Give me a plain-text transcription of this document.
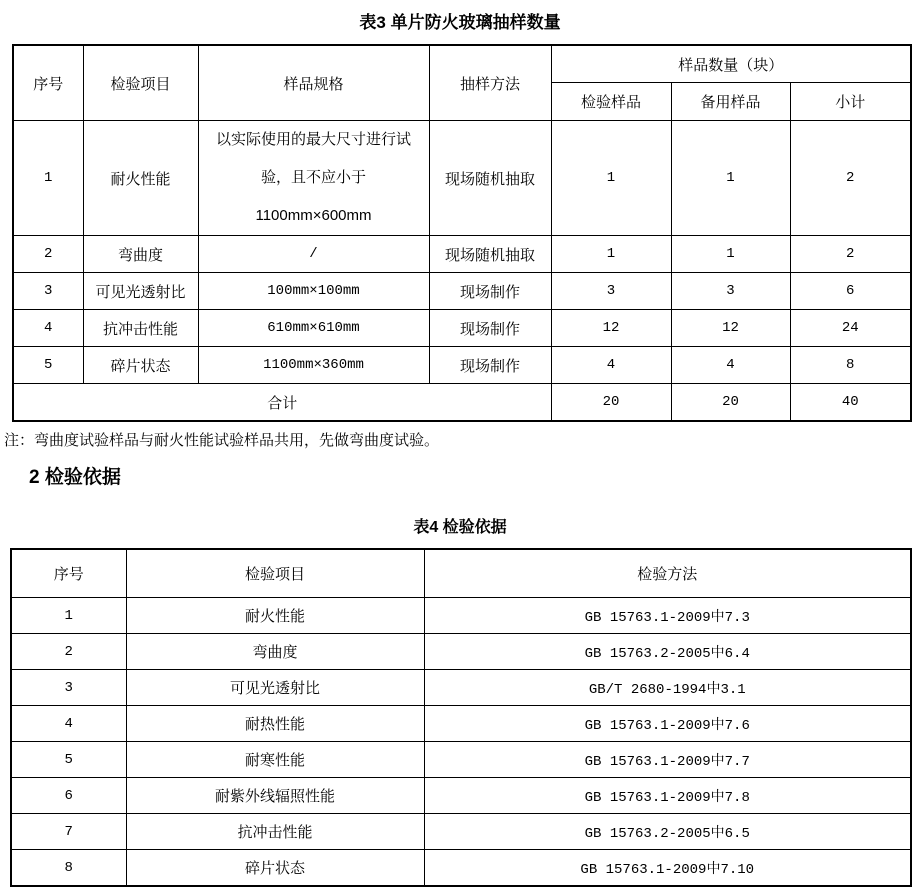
表3 单片防火玻璃抽样数量
序号	检验项目	样品规格	抽样方法	样品数量（块）		
				检验样品	备用样品	小计
1	耐火性能	以实际使用的最大尺寸进行试验，且不应小于1100mm×600mm	现场随机抽取	1	1	2
2	弯曲度	/	现场随机抽取	1	1	2
3	可见光透射比	100mm×100mm	现场制作	3	3	6
4	抗冲击性能	610mm×610mm	现场制作	12	12	24
5	碎片状态	1100mm×360mm	现场制作	4	4	8
合计				20	20	40

注：弯曲度试验样品与耐火性能试验样品共用，先做弯曲度试验。

2 检验依据
表4 检验依据
序号	检验项目	检验方法
1	耐火性能	GB 15763.1-2009中7.3
2	弯曲度	GB 15763.2-2005中6.4
3	可见光透射比	GB/T 2680-1994中3.1
4	耐热性能	GB 15763.1-2009中7.6
5	耐寒性能	GB 15763.1-2009中7.7
6	耐紫外线辐照性能	GB 15763.1-2009中7.8
7	抗冲击性能	GB 15763.2-2005中6.5
8	碎片状态	GB 15763.1-2009中7.10
